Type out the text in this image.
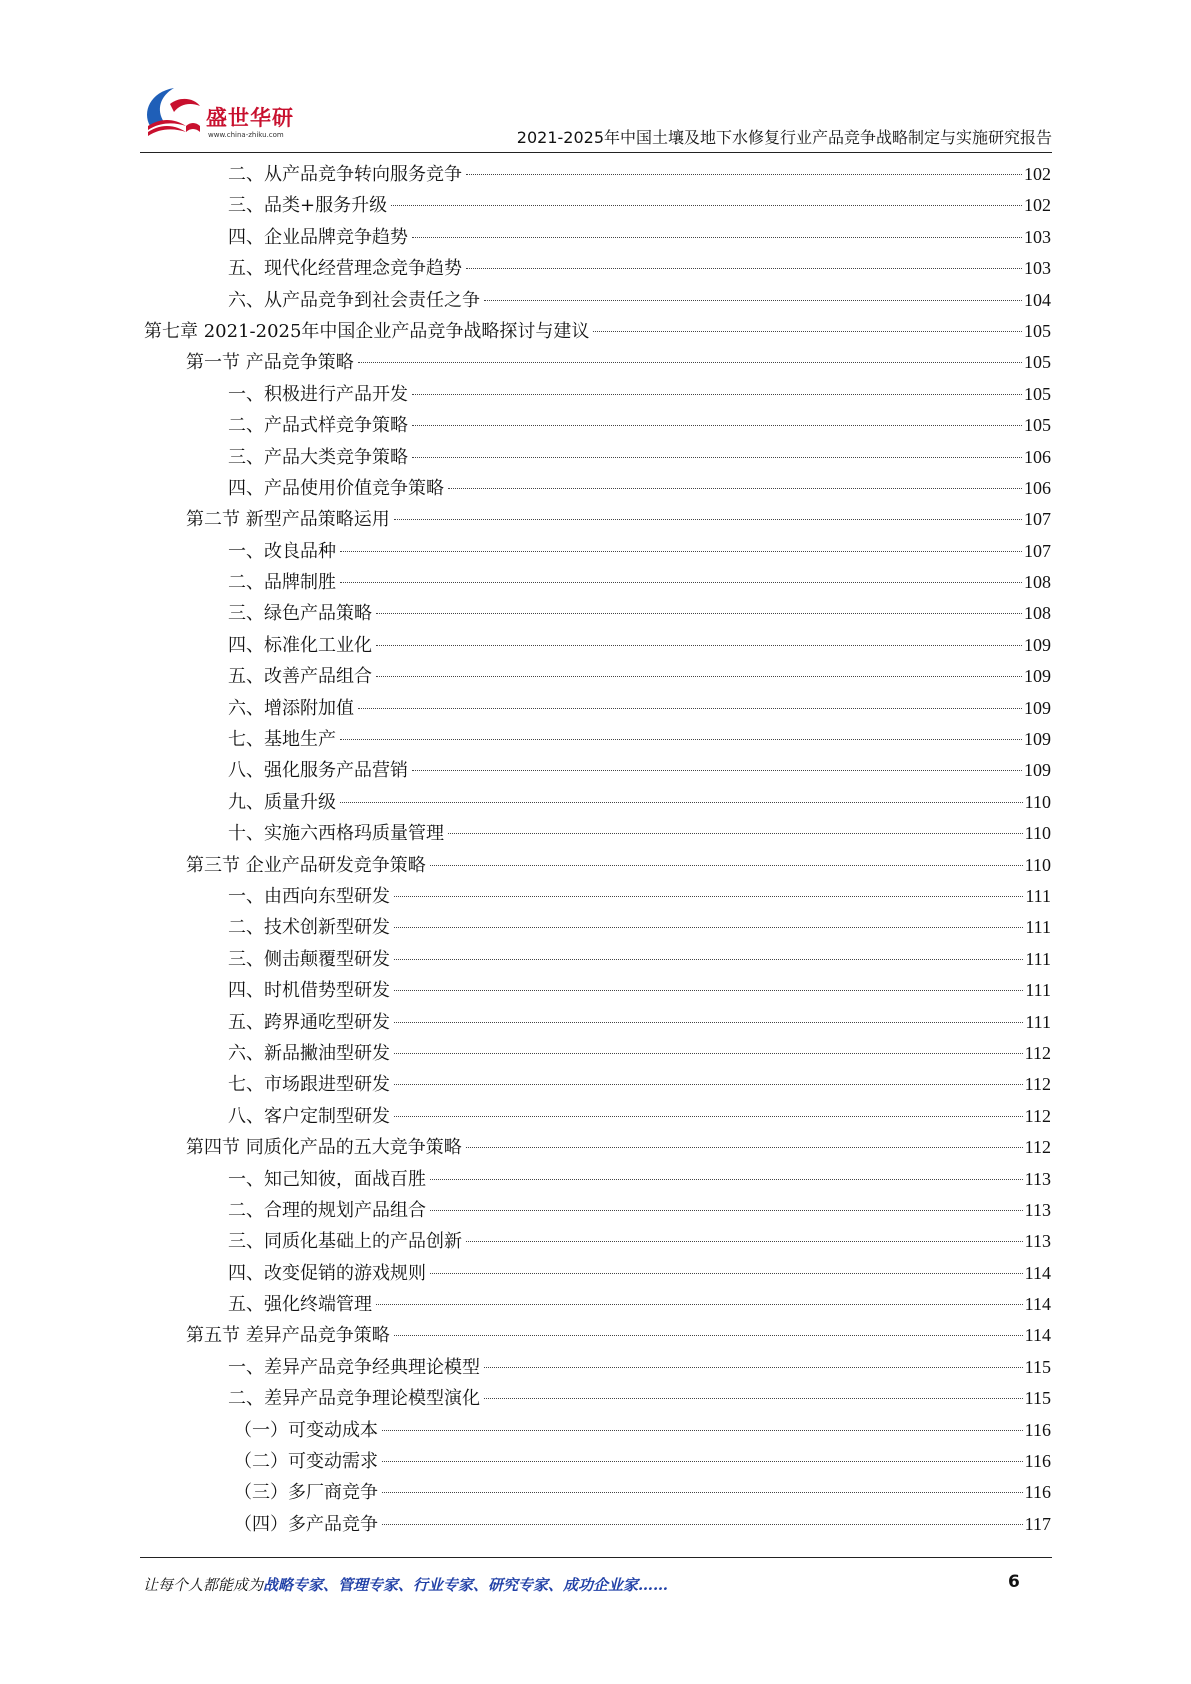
盛世华研
www.china-zhiku.com	2021-2025年中国土壤及地下水修复行业产品竞争战略制定与实施研究报告
二、从产品竞争转向服务竞争	102
三、品类+服务升级	102
四、企业品牌竞争趋势	103
五、现代化经营理念竞争趋势	103
六、从产品竞争到社会责任之争	104
第七章 2021-2025年中国企业产品竞争战略探讨与建议	105
第一节 产品竞争策略	105
一、积极进行产品开发	105
二、产品式样竞争策略	105
三、产品大类竞争策略	106
四、产品使用价值竞争策略	106
第二节 新型产品策略运用	107
一、改良品种	107
二、品牌制胜	108
三、绿色产品策略	108
四、标准化工业化	109
五、改善产品组合	109
六、增添附加值	109
七、基地生产	109
八、强化服务产品营销	109
九、质量升级	110
十、实施六西格玛质量管理	110
第三节 企业产品研发竞争策略	110
一、由西向东型研发	111
二、技术创新型研发	111
三、侧击颠覆型研发	111
四、时机借势型研发	111
五、跨界通吃型研发	111
六、新品撇油型研发	112
七、市场跟进型研发	112
八、客户定制型研发	112
第四节 同质化产品的五大竞争策略	112
一、知己知彼，面战百胜	113
二、合理的规划产品组合	113
三、同质化基础上的产品创新	113
四、改变促销的游戏规则	114
五、强化终端管理	114
第五节 差异产品竞争策略	114
一、差异产品竞争经典理论模型	115
二、差异产品竞争理论模型演化	115
（一）可变动成本	116
（二）可变动需求	116
（三）多厂商竞争	116
（四）多产品竞争	117
让每个人都能成为战略专家、管理专家、行业专家、研究专家、成功企业家……	6
